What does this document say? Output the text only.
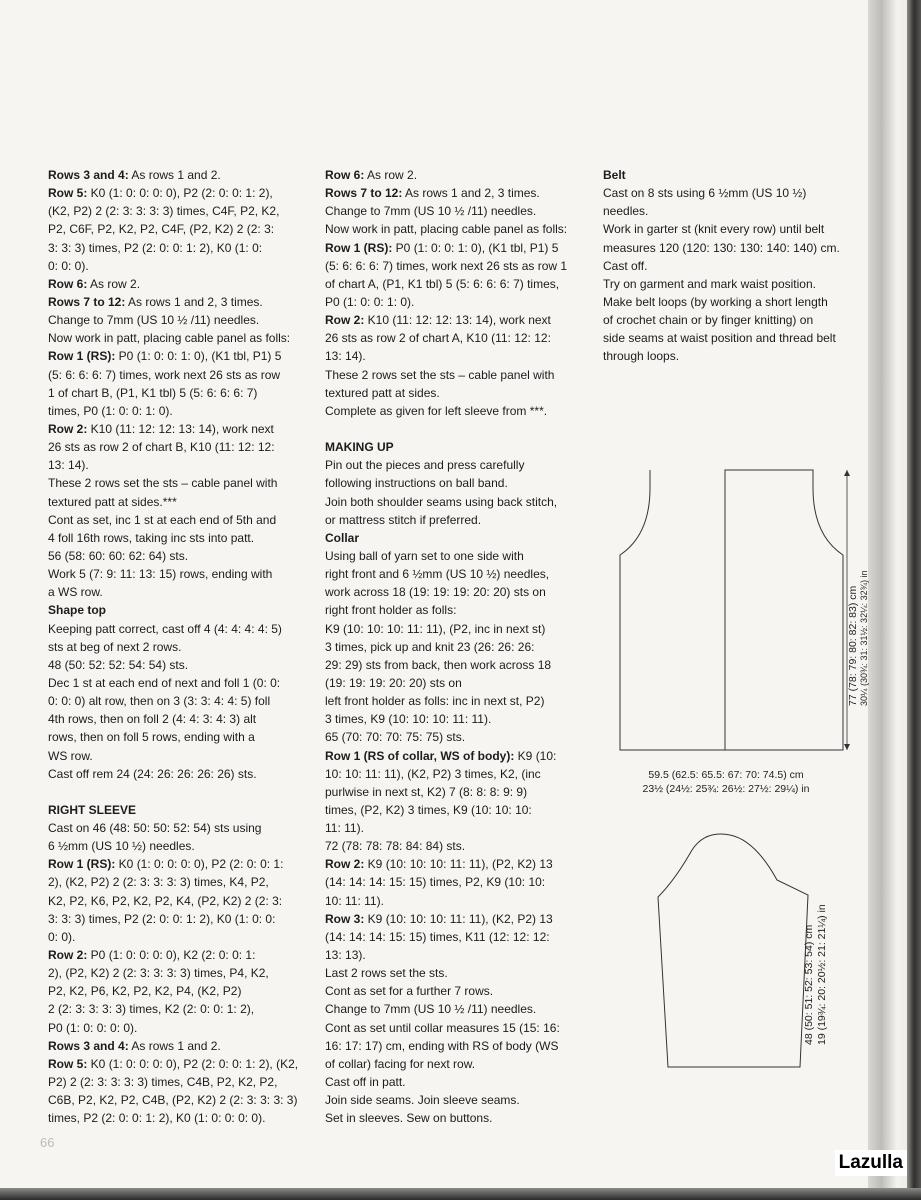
Rows 3 and 4: As rows 1 and 2.
Row 5: K0 (1: 0: 0: 0: 0), P2 (2: 0: 0: 1: 2),
(K2, P2) 2 (2: 3: 3: 3: 3) times, C4F, P2, K2,
P2, C6F, P2, K2, P2, C4F, (P2, K2) 2 (2: 3:
3: 3: 3) times, P2 (2: 0: 0: 1: 2), K0 (1: 0:
0: 0: 0).
Row 6: As row 2.
Rows 7 to 12: As rows 1 and 2, 3 times.
Change to 7mm (US 10 ½ /11) needles.
Now work in patt, placing cable panel as folls:
Row 1 (RS): P0 (1: 0: 0: 1: 0), (K1 tbl, P1) 5
(5: 6: 6: 6: 7) times, work next 26 sts as row
1 of chart B, (P1, K1 tbl) 5 (5: 6: 6: 6: 7)
times, P0 (1: 0: 0: 1: 0).
Row 2: K10 (11: 12: 12: 13: 14), work next
26 sts as row 2 of chart B, K10 (11: 12: 12:
13: 14).
These 2 rows set the sts – cable panel with
textured patt at sides.***
Cont as set, inc 1 st at each end of 5th and
4 foll 16th rows, taking inc sts into patt.
56 (58: 60: 60: 62: 64) sts.
Work 5 (7: 9: 11: 13: 15) rows, ending with
a WS row.
Shape top
Keeping patt correct, cast off 4 (4: 4: 4: 4: 5)
sts at beg of next 2 rows.
48 (50: 52: 52: 54: 54) sts.
Dec 1 st at each end of next and foll 1 (0: 0:
0: 0: 0) alt row, then on 3 (3: 3: 4: 4: 5) foll
4th rows, then on foll 2 (4: 4: 3: 4: 3) alt
rows, then on foll 5 rows, ending with a
WS row.
Cast off rem 24 (24: 26: 26: 26: 26) sts.
RIGHT SLEEVE
Cast on 46 (48: 50: 50: 52: 54) sts using
6 ½mm (US 10 ½) needles.
Row 1 (RS): K0 (1: 0: 0: 0: 0), P2 (2: 0: 0: 1:
2), (K2, P2) 2 (2: 3: 3: 3: 3) times, K4, P2,
K2, P2, K6, P2, K2, P2, K4, (P2, K2) 2 (2: 3:
3: 3: 3) times, P2 (2: 0: 0: 1: 2), K0 (1: 0: 0:
0: 0).
Row 2: P0 (1: 0: 0: 0: 0), K2 (2: 0: 0: 1:
2), (P2, K2) 2 (2: 3: 3: 3: 3) times, P4, K2,
P2, K2, P6, K2, P2, K2, P4, (K2, P2)
2 (2: 3: 3: 3: 3) times, K2 (2: 0: 0: 1: 2),
P0 (1: 0: 0: 0: 0).
Rows 3 and 4: As rows 1 and 2.
Row 5: K0 (1: 0: 0: 0: 0), P2 (2: 0: 0: 1: 2), (K2,
P2) 2 (2: 3: 3: 3: 3) times, C4B, P2, K2, P2,
C6B, P2, K2, P2, C4B, (P2, K2) 2 (2: 3: 3: 3: 3)
times, P2 (2: 0: 0: 1: 2), K0 (1: 0: 0: 0: 0).
Row 6: As row 2.
Rows 7 to 12: As rows 1 and 2, 3 times.
Change to 7mm (US 10 ½ /11) needles.
Now work in patt, placing cable panel as folls:
Row 1 (RS): P0 (1: 0: 0: 1: 0), (K1 tbl, P1) 5
(5: 6: 6: 6: 7) times, work next 26 sts as row 1
of chart A, (P1, K1 tbl) 5 (5: 6: 6: 6: 7) times,
P0 (1: 0: 0: 1: 0).
Row 2: K10 (11: 12: 12: 13: 14), work next
26 sts as row 2 of chart A, K10 (11: 12: 12:
13: 14).
These 2 rows set the sts – cable panel with
textured patt at sides.
Complete as given for left sleeve from ***.
MAKING UP
Pin out the pieces and press carefully
following instructions on ball band.
Join both shoulder seams using back stitch,
or mattress stitch if preferred.
Collar
Using ball of yarn set to one side with
right front and 6 ½mm (US 10 ½) needles,
work across 18 (19: 19: 19: 20: 20) sts on
right front holder as folls:
K9 (10: 10: 10: 11: 11), (P2, inc in next st)
3 times, pick up and knit 23 (26: 26: 26:
29: 29) sts from back, then work across 18
(19: 19: 19: 20: 20) sts on
left front holder as folls: inc in next st, P2)
3 times, K9 (10: 10: 10: 11: 11).
65 (70: 70: 70: 75: 75) sts.
Row 1 (RS of collar, WS of body): K9 (10:
10: 10: 11: 11), (K2, P2) 3 times, K2, (inc
purlwise in next st, K2) 7 (8: 8: 8: 9: 9)
times, (P2, K2) 3 times, K9 (10: 10: 10:
11: 11).
72 (78: 78: 78: 84: 84) sts.
Row 2: K9 (10: 10: 10: 11: 11), (P2, K2) 13
(14: 14: 14: 15: 15) times, P2, K9 (10: 10:
10: 11: 11).
Row 3: K9 (10: 10: 10: 11: 11), (K2, P2) 13
(14: 14: 14: 15: 15) times, K11 (12: 12: 12:
13: 13).
Last 2 rows set the sts.
Cont as set for a further 7 rows.
Change to 7mm (US 10 ½ /11) needles.
Cont as set until collar measures 15 (15: 16:
16: 17: 17) cm, ending with RS of body (WS
of collar) facing for next row.
Cast off in patt.
Join side seams. Join sleeve seams.
Set in sleeves. Sew on buttons.
Belt
Cast on 8 sts using 6 ½mm (US 10 ½)
needles.
Work in garter st (knit every row) until belt
measures 120 (120: 130: 130: 140: 140) cm.
Cast off.
Try on garment and mark waist position.
Make belt loops (by working a short length
of crochet chain or by finger knitting) on
side seams at waist position and thread belt
through loops.
59.5 (62.5: 65.5: 67: 70: 74.5) cm
23½ (24½: 25¾: 26½: 27½: 29¼) in
77 (78: 79: 80: 82: 83) cm 30¼ (30¾: 31: 31½: 32¼: 32¾) in
48 (50: 51: 52: 53: 54) cm 19 (19¾: 20: 20½: 21: 21¼) in
66
Lazulla
